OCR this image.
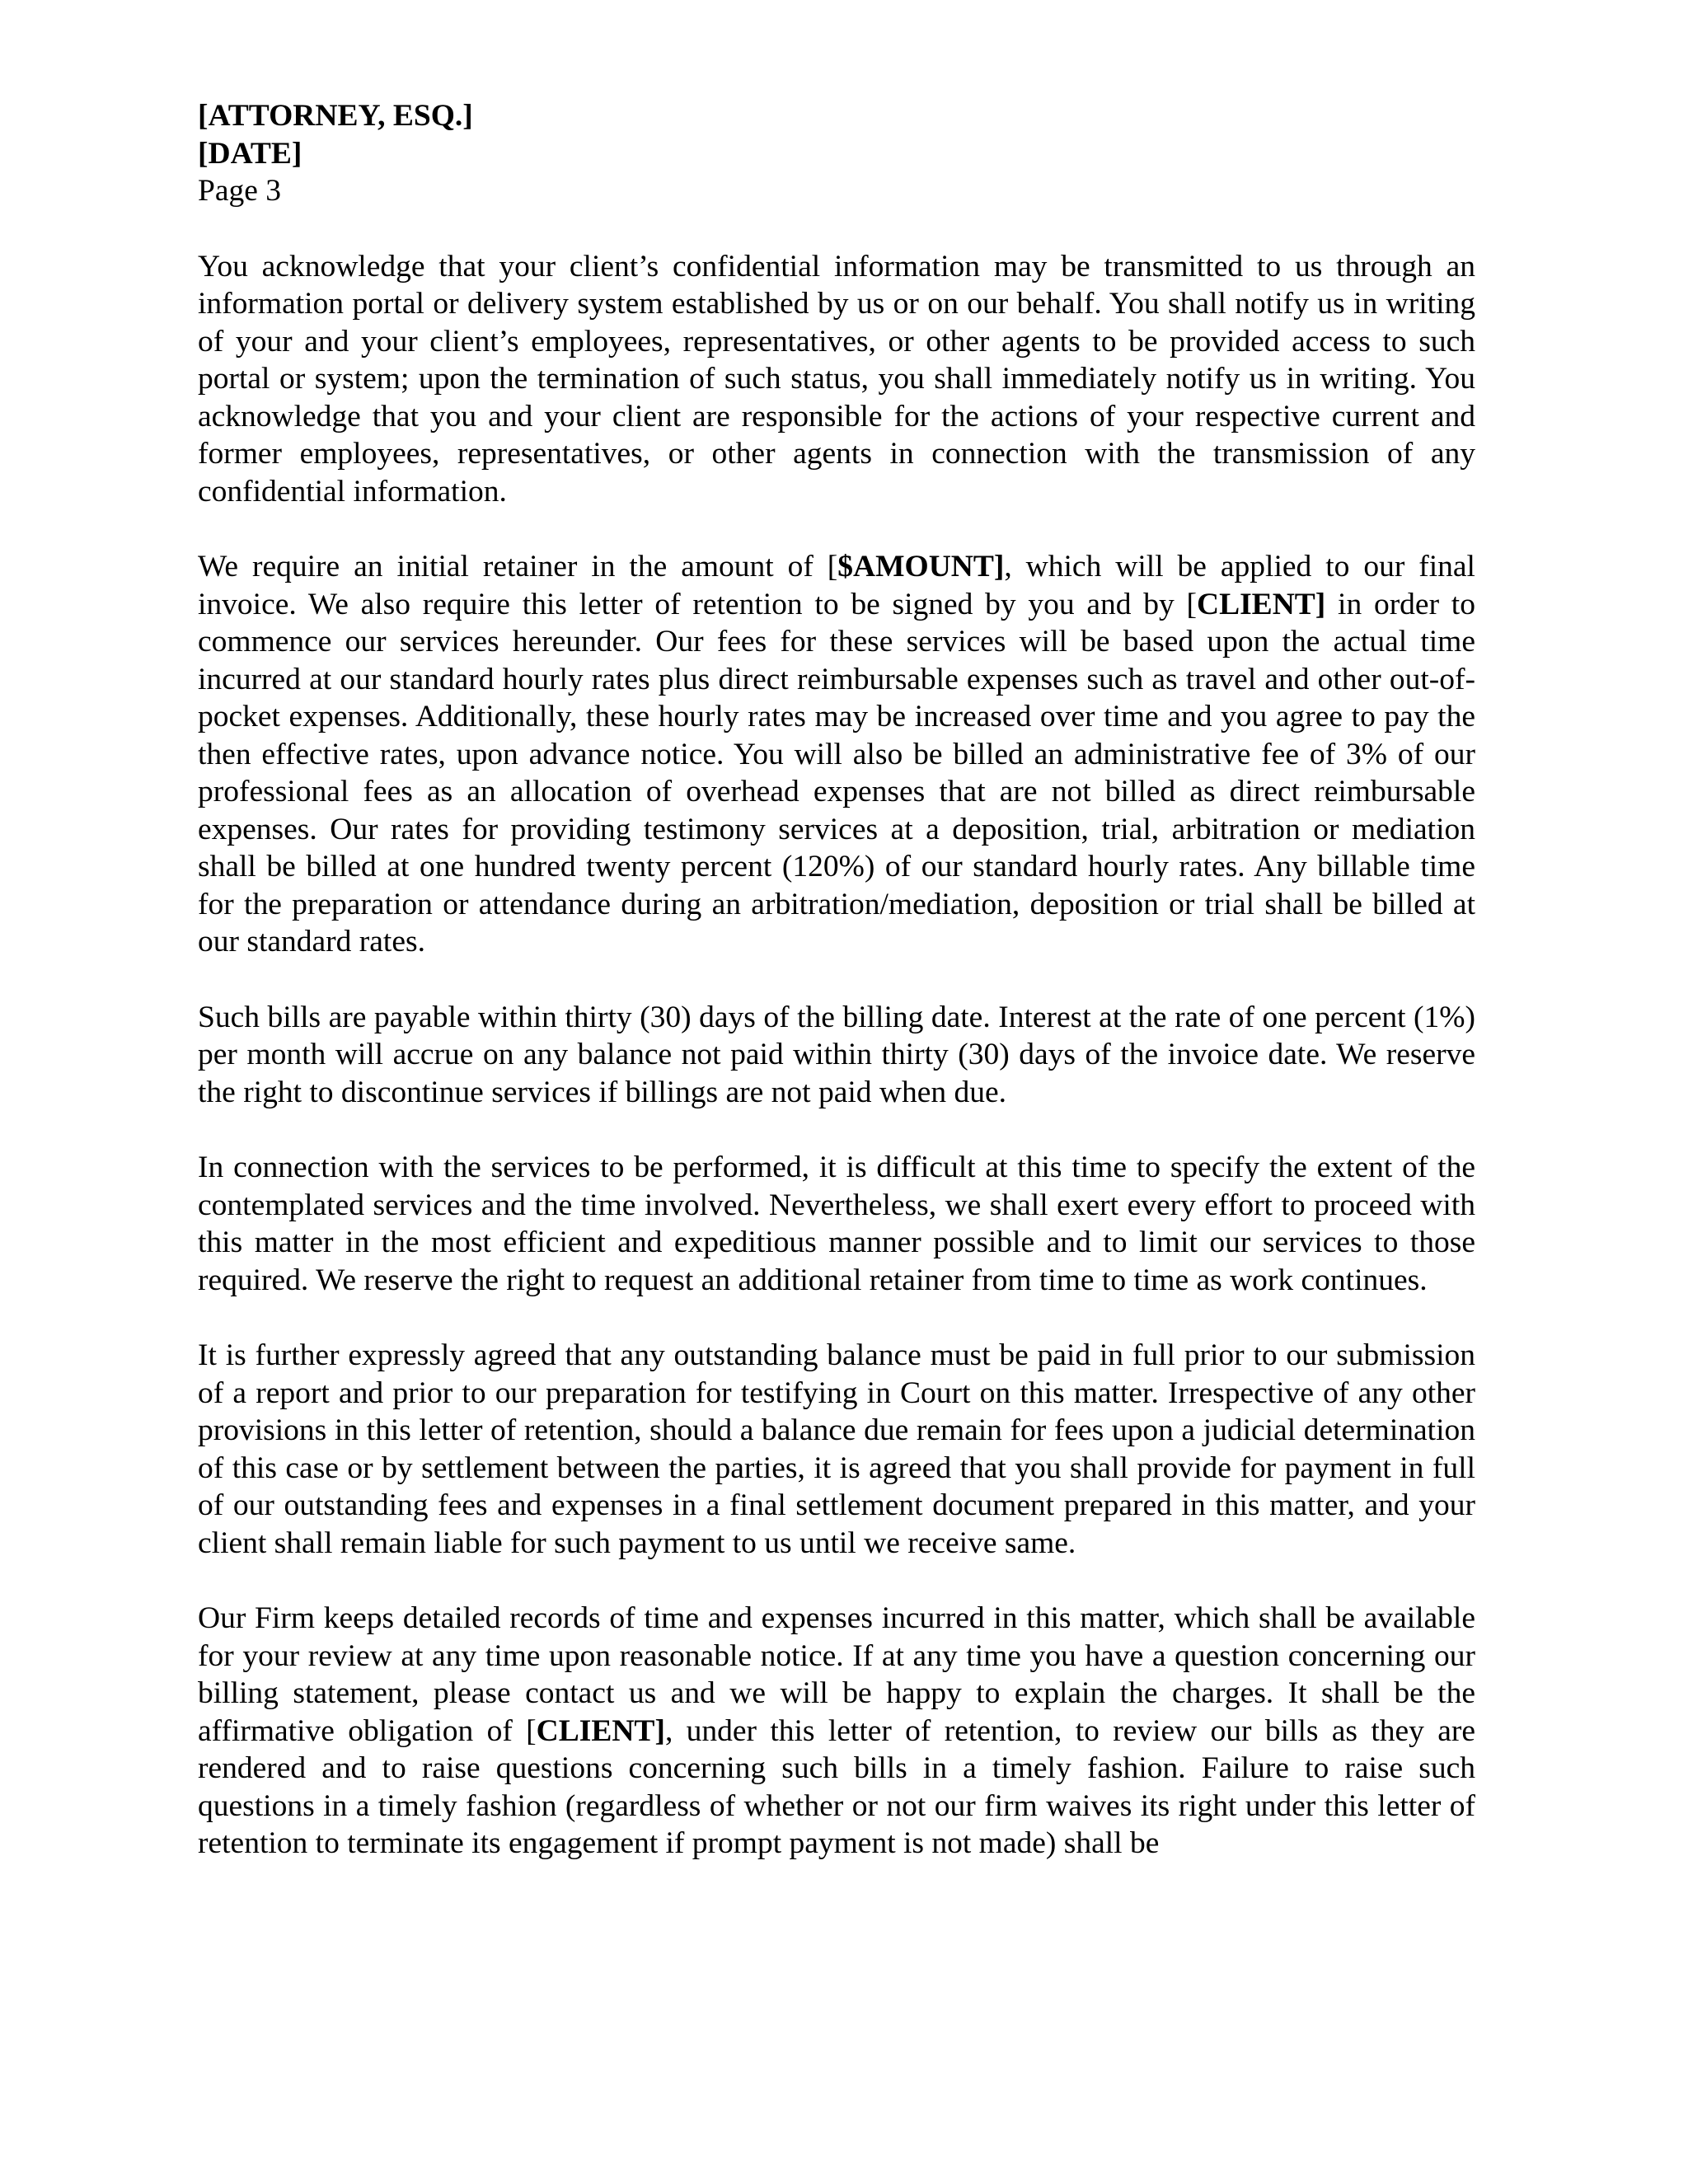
[ATTORNEY, ESQ.]

[DATE]

Page 3

You acknowledge that your client’s confidential information may be transmitted to us through an information portal or delivery system established by us or on our behalf. You shall notify us in writing of your and your client’s employees, representatives, or other agents to be provided access to such portal or system; upon the termination of such status, you shall immediately notify us in writing. You acknowledge that you and your client are responsible for the actions of your respective current and former employees, representatives, or other agents in connection with the transmission of any confidential information.

We require an initial retainer in the amount of [$AMOUNT], which will be applied to our final invoice. We also require this letter of retention to be signed by you and by [CLIENT] in order to commence our services hereunder. Our fees for these services will be based upon the actual time incurred at our standard hourly rates plus direct reimbursable expenses such as travel and other out-of-pocket expenses. Additionally, these hourly rates may be increased over time and you agree to pay the then effective rates, upon advance notice. You will also be billed an administrative fee of 3% of our professional fees as an allocation of overhead expenses that are not billed as direct reimbursable expenses. Our rates for providing testimony services at a deposition, trial, arbitration or mediation shall be billed at one hundred twenty percent (120%) of our standard hourly rates. Any billable time for the preparation or attendance during an arbitration/mediation, deposition or trial shall be billed at our standard rates.

Such bills are payable within thirty (30) days of the billing date. Interest at the rate of one percent (1%) per month will accrue on any balance not paid within thirty (30) days of the invoice date. We reserve the right to discontinue services if billings are not paid when due.

In connection with the services to be performed, it is difficult at this time to specify the extent of the contemplated services and the time involved. Nevertheless, we shall exert every effort to proceed with this matter in the most efficient and expeditious manner possible and to limit our services to those required. We reserve the right to request an additional retainer from time to time as work continues.

It is further expressly agreed that any outstanding balance must be paid in full prior to our submission of a report and prior to our preparation for testifying in Court on this matter. Irrespective of any other provisions in this letter of retention, should a balance due remain for fees upon a judicial determination of this case or by settlement between the parties, it is agreed that you shall provide for payment in full of our outstanding fees and expenses in a final settlement document prepared in this matter, and your client shall remain liable for such payment to us until we receive same.

Our Firm keeps detailed records of time and expenses incurred in this matter, which shall be available for your review at any time upon reasonable notice. If at any time you have a question concerning our billing statement, please contact us and we will be happy to explain the charges. It shall be the affirmative obligation of [CLIENT], under this letter of retention, to review our bills as they are rendered and to raise questions concerning such bills in a timely fashion. Failure to raise such questions in a timely fashion (regardless of whether or not our firm waives its right under this letter of retention to terminate its engagement if prompt payment is not made) shall be
